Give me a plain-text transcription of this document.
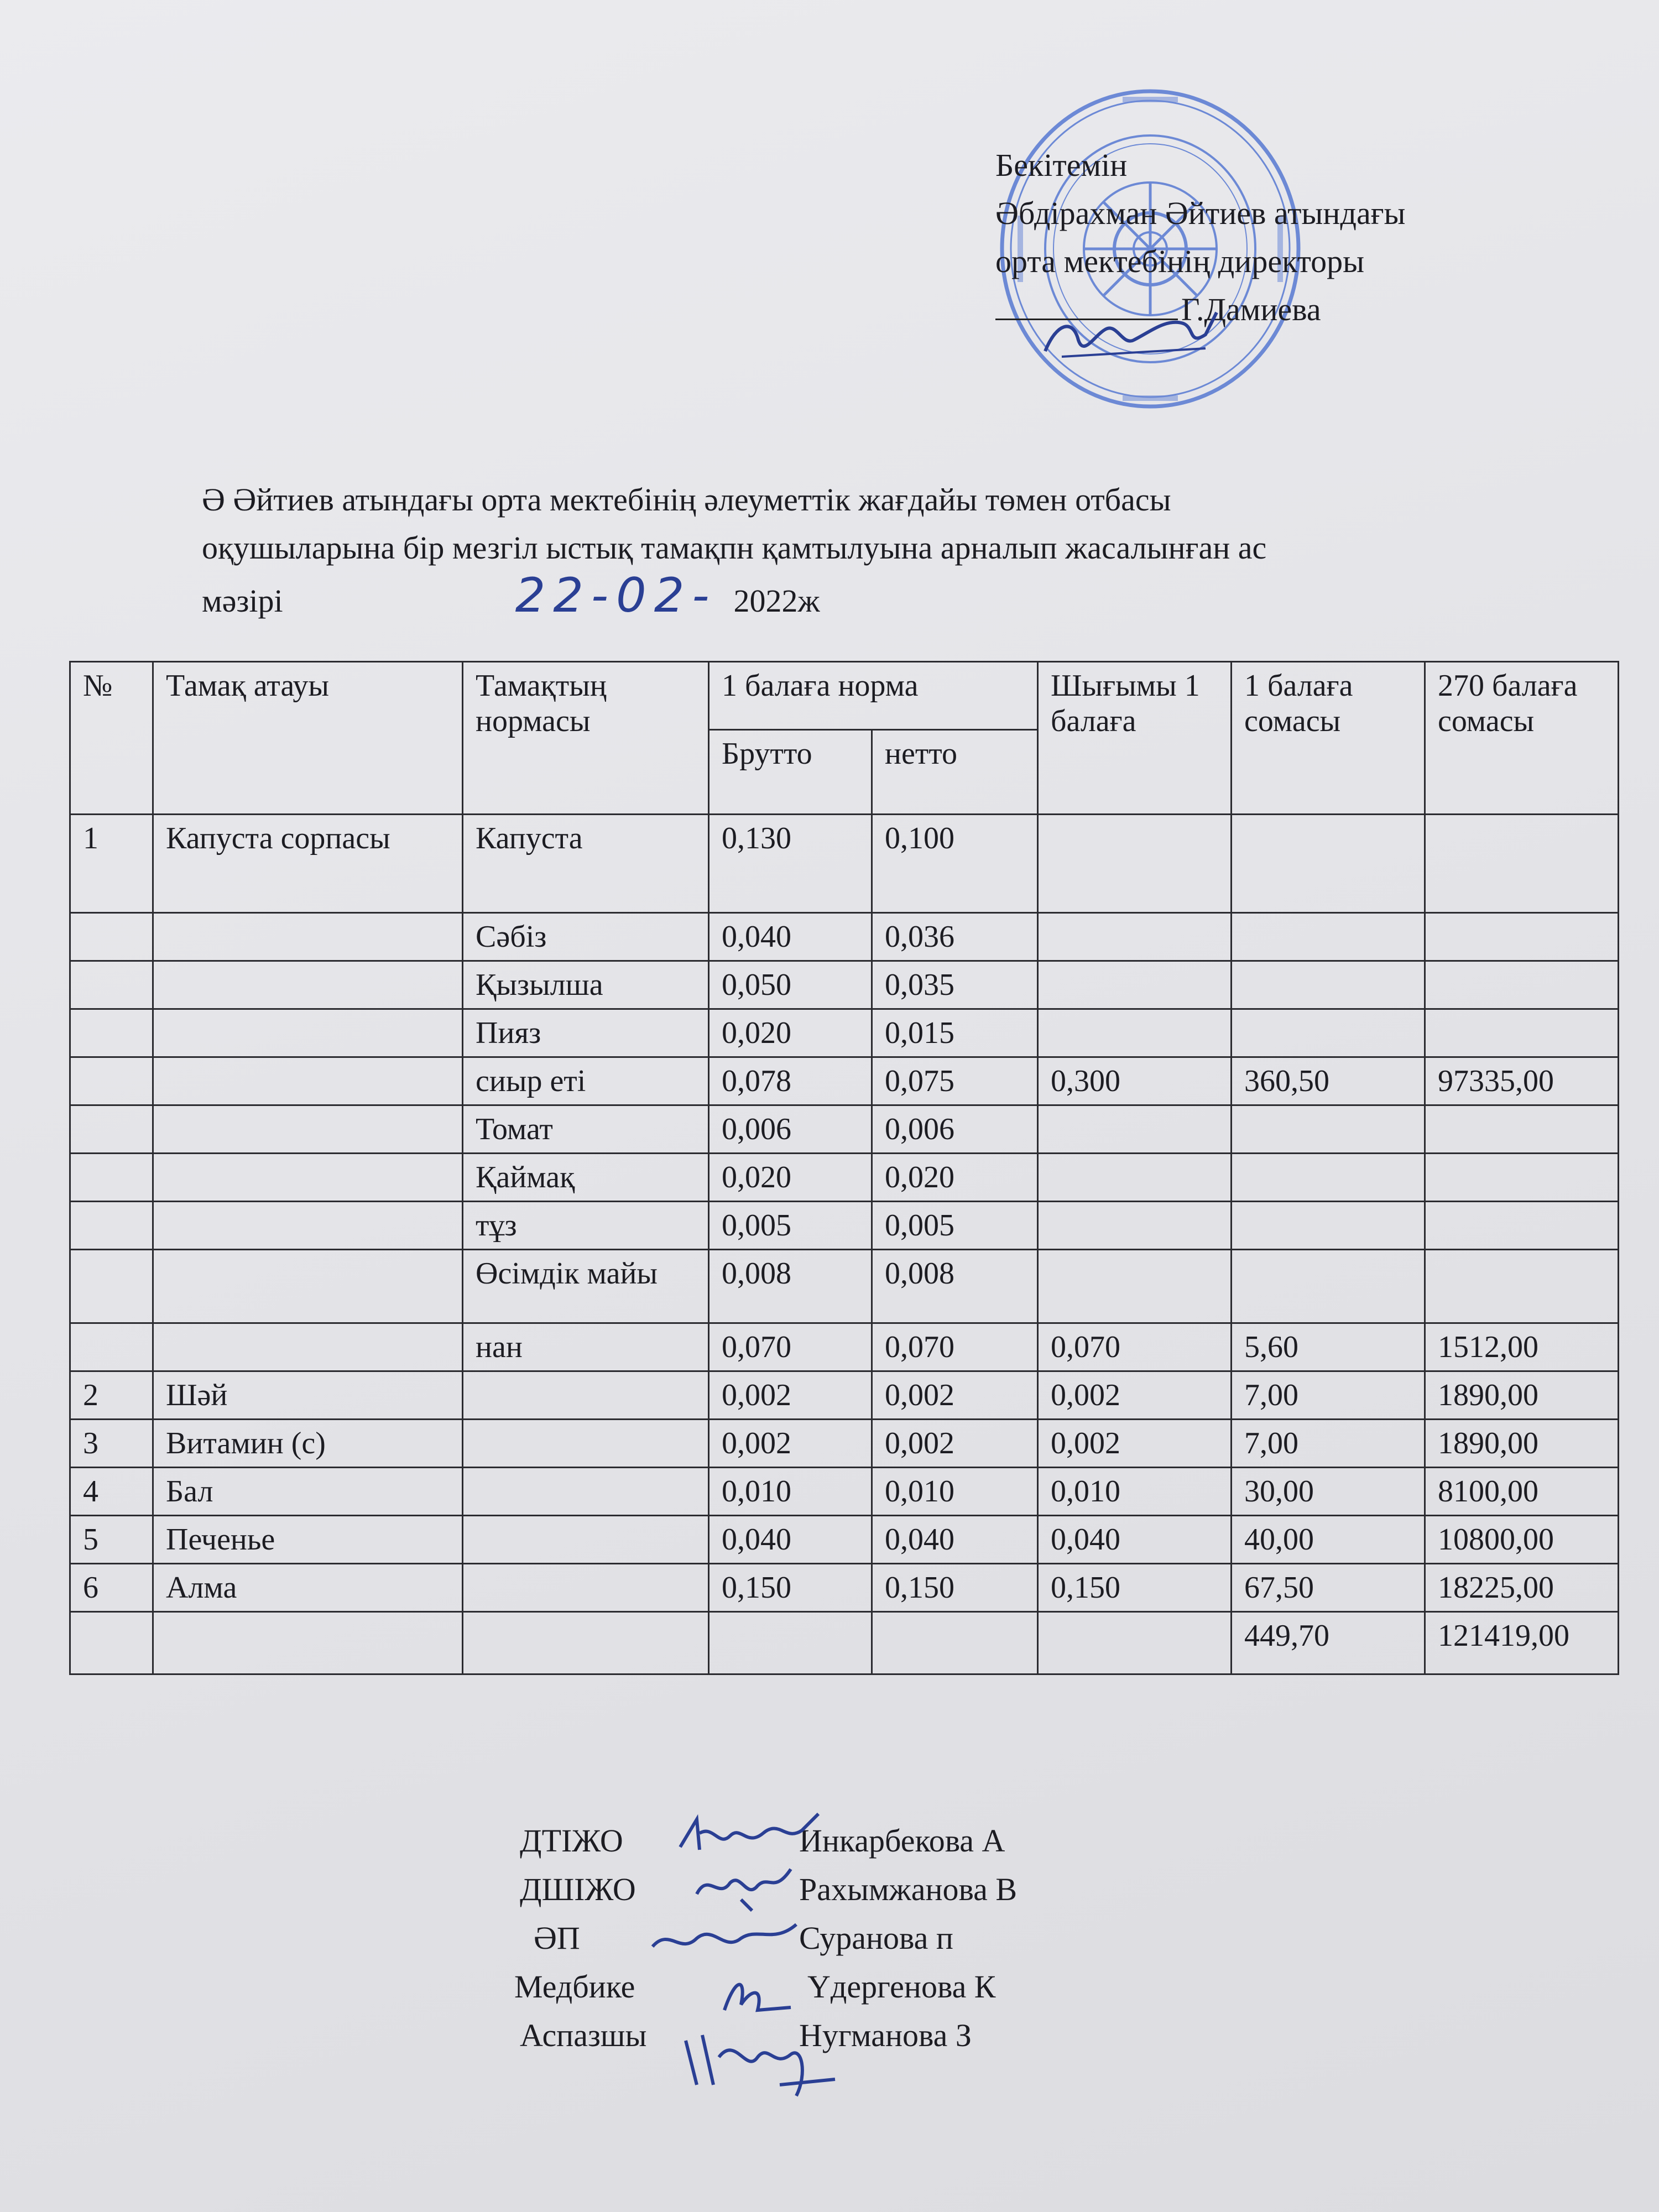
Бекітемін
Әбдірахман Әйтиев атындағы
орта мектебінің директоры
Г.Дамиева
Ә Әйтиев атындағы орта мектебінің әлеуметтік жағдайы төмен отбасы
оқушыларына бір мезгіл ыстық тамақпн қамтылуына арналып жасалынған ас
мәзірі	22-02- 2022ж
№	Тамақ атауы	Тамақтың нормасы	1 балаға норма		Шығымы 1 балаға	1 балаға сомасы	270 балаға сомасы
			Брутто	нетто			
1	Капуста сорпасы	Капуста	0,130	0,100			
		Сәбіз	0,040	0,036			
		Қызылша	0,050	0,035			
		Пияз	0,020	0,015			
		сиыр еті	0,078	0,075	0,300	360,50	97335,00
		Томат	0,006	0,006			
		Қаймақ	0,020	0,020			
		тұз	0,005	0,005			
		Өсімдік майы	0,008	0,008			
		нан	0,070	0,070	0,070	5,60	1512,00
2	Шәй		0,002	0,002	0,002	7,00	1890,00
3	Витамин (с)		0,002	0,002	0,002	7,00	1890,00
4	Бал		0,010	0,010	0,010	30,00	8100,00
5	Печенье		0,040	0,040	0,040	40,00	10800,00
6	Алма		0,150	0,150	0,150	67,50	18225,00
						449,70	121419,00
ДТІЖО	Инкарбекова А
ДШІЖО	Рахымжанова В
ӘП	Суранова п
Медбике	Үдергенова К
Аспазшы	Нугманова З
